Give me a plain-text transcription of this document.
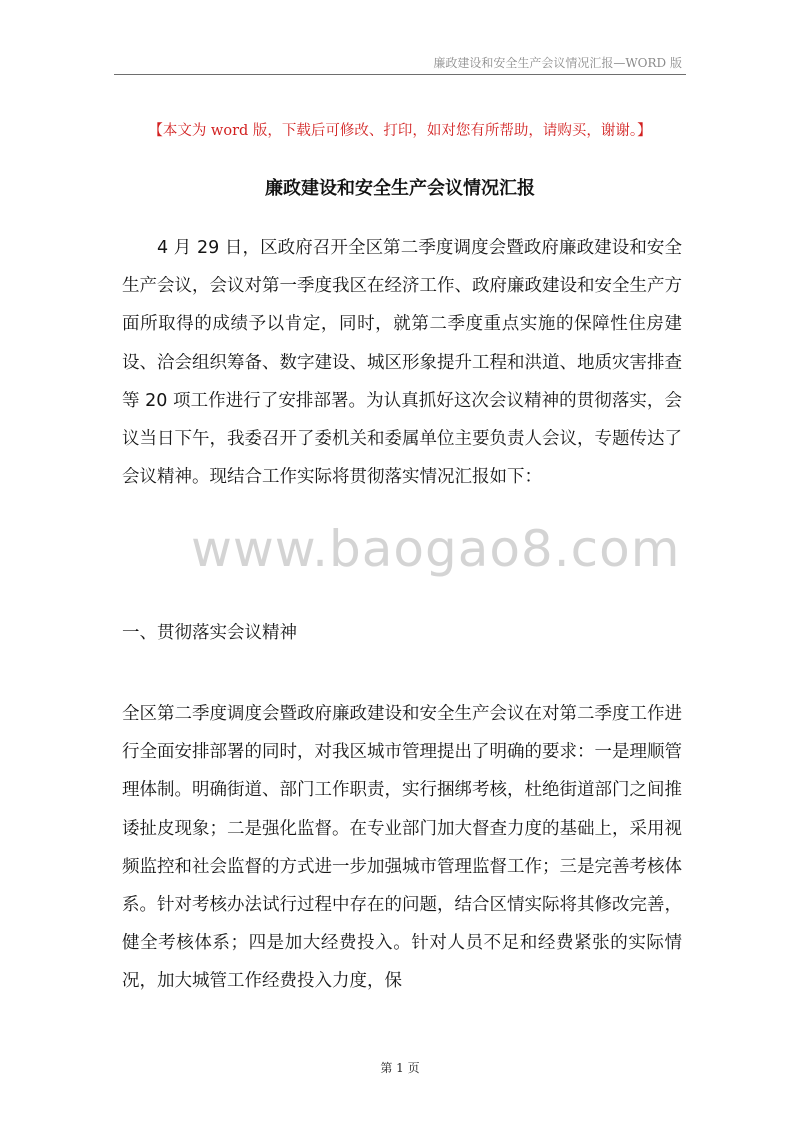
廉政建设和安全生产会议情况汇报—WORD 版
【本文为 word 版，下载后可修改、打印，如对您有所帮助，请购买，谢谢。】
廉政建设和安全生产会议情况汇报
4 月 29 日，区政府召开全区第二季度调度会暨政府廉政建设和安全生产会议，会议对第一季度我区在经济工作、政府廉政建设和安全生产方面所取得的成绩予以肯定，同时，就第二季度重点实施的保障性住房建设、洽会组织筹备、数字建设、城区形象提升工程和洪道、地质灾害排查等 20 项工作进行了安排部署。为认真抓好这次会议精神的贯彻落实，会议当日下午，我委召开了委机关和委属单位主要负责人会议，专题传达了会议精神。现结合工作实际将贯彻落实情况汇报如下：
www.baogao8.com
一、贯彻落实会议精神
全区第二季度调度会暨政府廉政建设和安全生产会议在对第二季度工作进行全面安排部署的同时，对我区城市管理提出了明确的要求：一是理顺管理体制。明确街道、部门工作职责，实行捆绑考核，杜绝街道部门之间推诿扯皮现象；二是强化监督。在专业部门加大督查力度的基础上，采用视频监控和社会监督的方式进一步加强城市管理监督工作；三是完善考核体系。针对考核办法试行过程中存在的问题，结合区情实际将其修改完善，健全考核体系；四是加大经费投入。针对人员不足和经费紧张的实际情况，加大城管工作经费投入力度，保
第 1 页
